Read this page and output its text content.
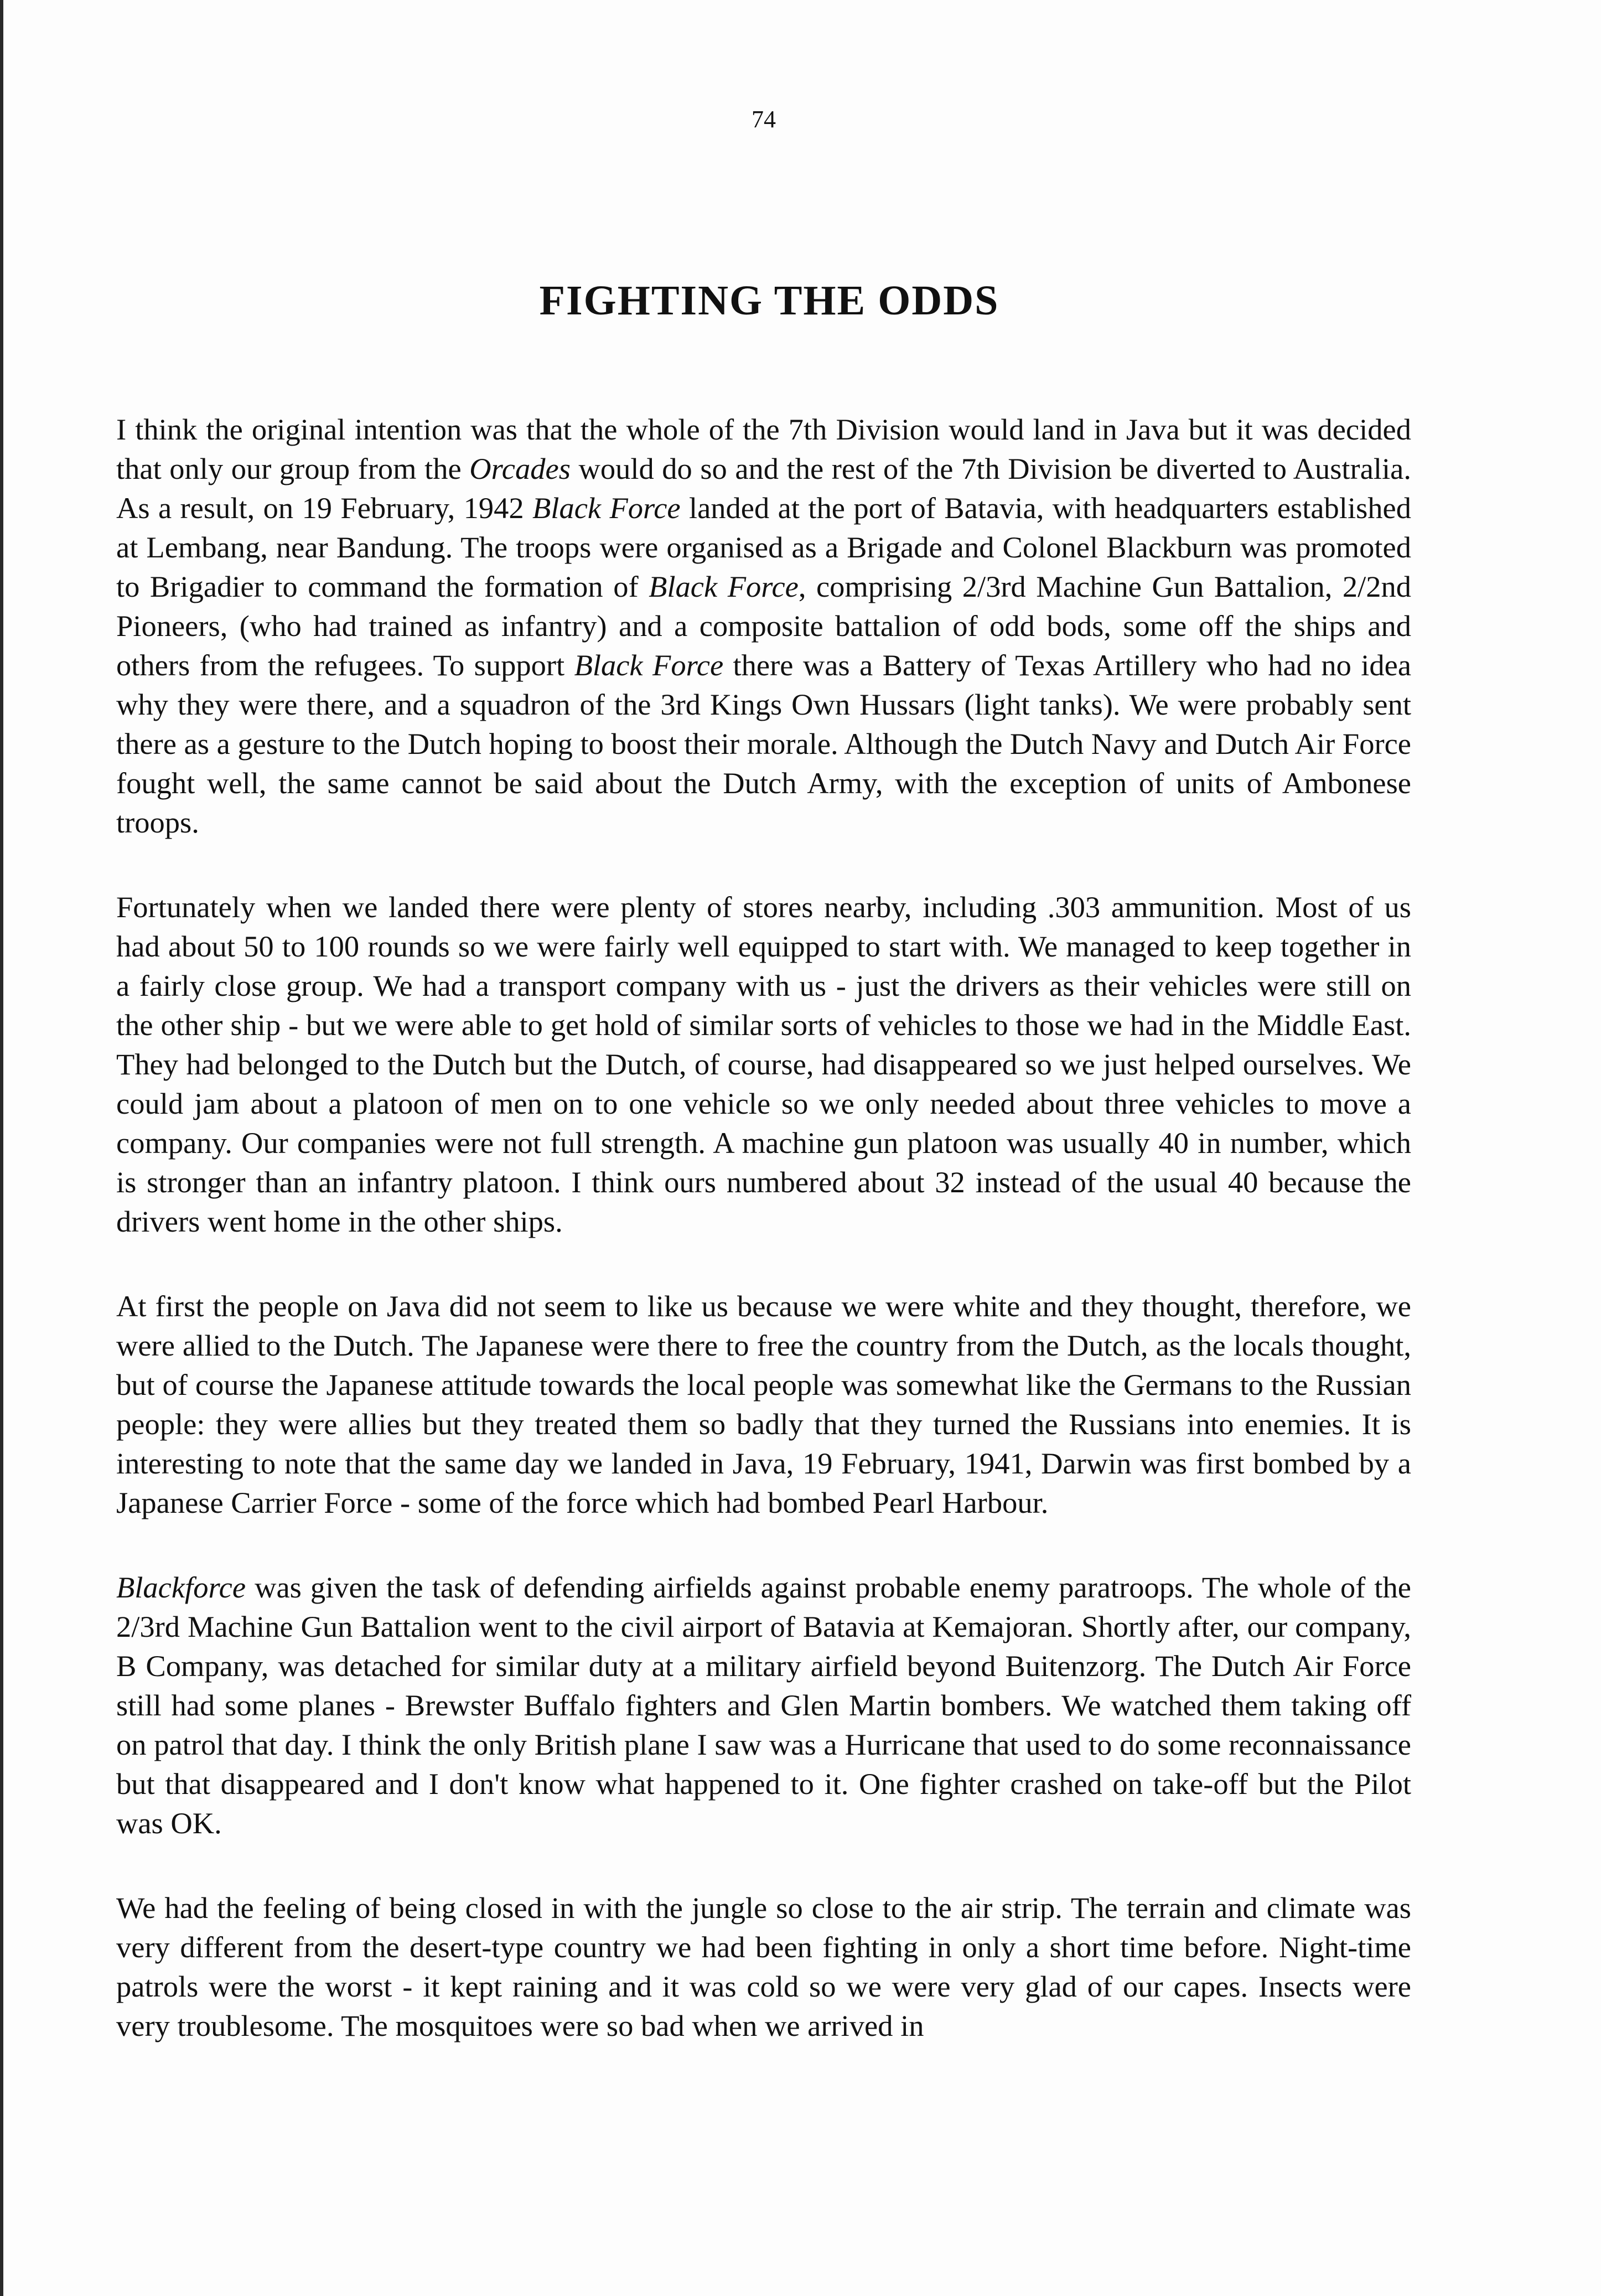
74
FIGHTING THE ODDS

I think the original intention was that the whole of the 7th Division would land in Java but it was decided that only our group from the Orcades would do so and the rest of the 7th Division be diverted to Australia. As a result, on 19 February, 1942 Black Force landed at the port of Batavia, with headquarters established at Lembang, near Bandung. The troops were organised as a Brigade and Colonel Blackburn was promoted to Brigadier to command the formation of Black Force, comprising 2/3rd Machine Gun Battalion, 2/2nd Pioneers, (who had trained as infantry) and a composite battalion of odd bods, some off the ships and others from the refugees. To support Black Force there was a Battery of Texas Artillery who had no idea why they were there, and a squadron of the 3rd Kings Own Hussars (light tanks). We were probably sent there as a gesture to the Dutch hoping to boost their morale. Although the Dutch Navy and Dutch Air Force fought well, the same cannot be said about the Dutch Army, with the exception of units of Ambonese troops.

Fortunately when we landed there were plenty of stores nearby, including .303 ammunition. Most of us had about 50 to 100 rounds so we were fairly well equipped to start with. We managed to keep together in a fairly close group. We had a transport company with us - just the drivers as their vehicles were still on the other ship - but we were able to get hold of similar sorts of vehicles to those we had in the Middle East. They had belonged to the Dutch but the Dutch, of course, had disappeared so we just helped ourselves. We could jam about a platoon of men on to one vehicle so we only needed about three vehicles to move a company. Our companies were not full strength. A machine gun platoon was usually 40 in number, which is stronger than an infantry platoon. I think ours numbered about 32 instead of the usual 40 because the drivers went home in the other ships.

At first the people on Java did not seem to like us because we were white and they thought, therefore, we were allied to the Dutch. The Japanese were there to free the country from the Dutch, as the locals thought, but of course the Japanese attitude towards the local people was somewhat like the Germans to the Russian people: they were allies but they treated them so badly that they turned the Russians into enemies. It is interesting to note that the same day we landed in Java, 19 February, 1941, Darwin was first bombed by a Japanese Carrier Force - some of the force which had bombed Pearl Harbour.

Blackforce was given the task of defending airfields against probable enemy paratroops. The whole of the 2/3rd Machine Gun Battalion went to the civil airport of Batavia at Kemajoran. Shortly after, our company, B Company, was detached for similar duty at a military airfield beyond Buitenzorg. The Dutch Air Force still had some planes - Brewster Buffalo fighters and Glen Martin bombers. We watched them taking off on patrol that day. I think the only British plane I saw was a Hurricane that used to do some reconnaissance but that disappeared and I don't know what happened to it. One fighter crashed on take-off but the Pilot was OK.

We had the feeling of being closed in with the jungle so close to the air strip. The terrain and climate was very different from the desert-type country we had been fighting in only a short time before. Night-time patrols were the worst - it kept raining and it was cold so we were very glad of our capes. Insects were very troublesome. The mosquitoes were so bad when we arrived in
